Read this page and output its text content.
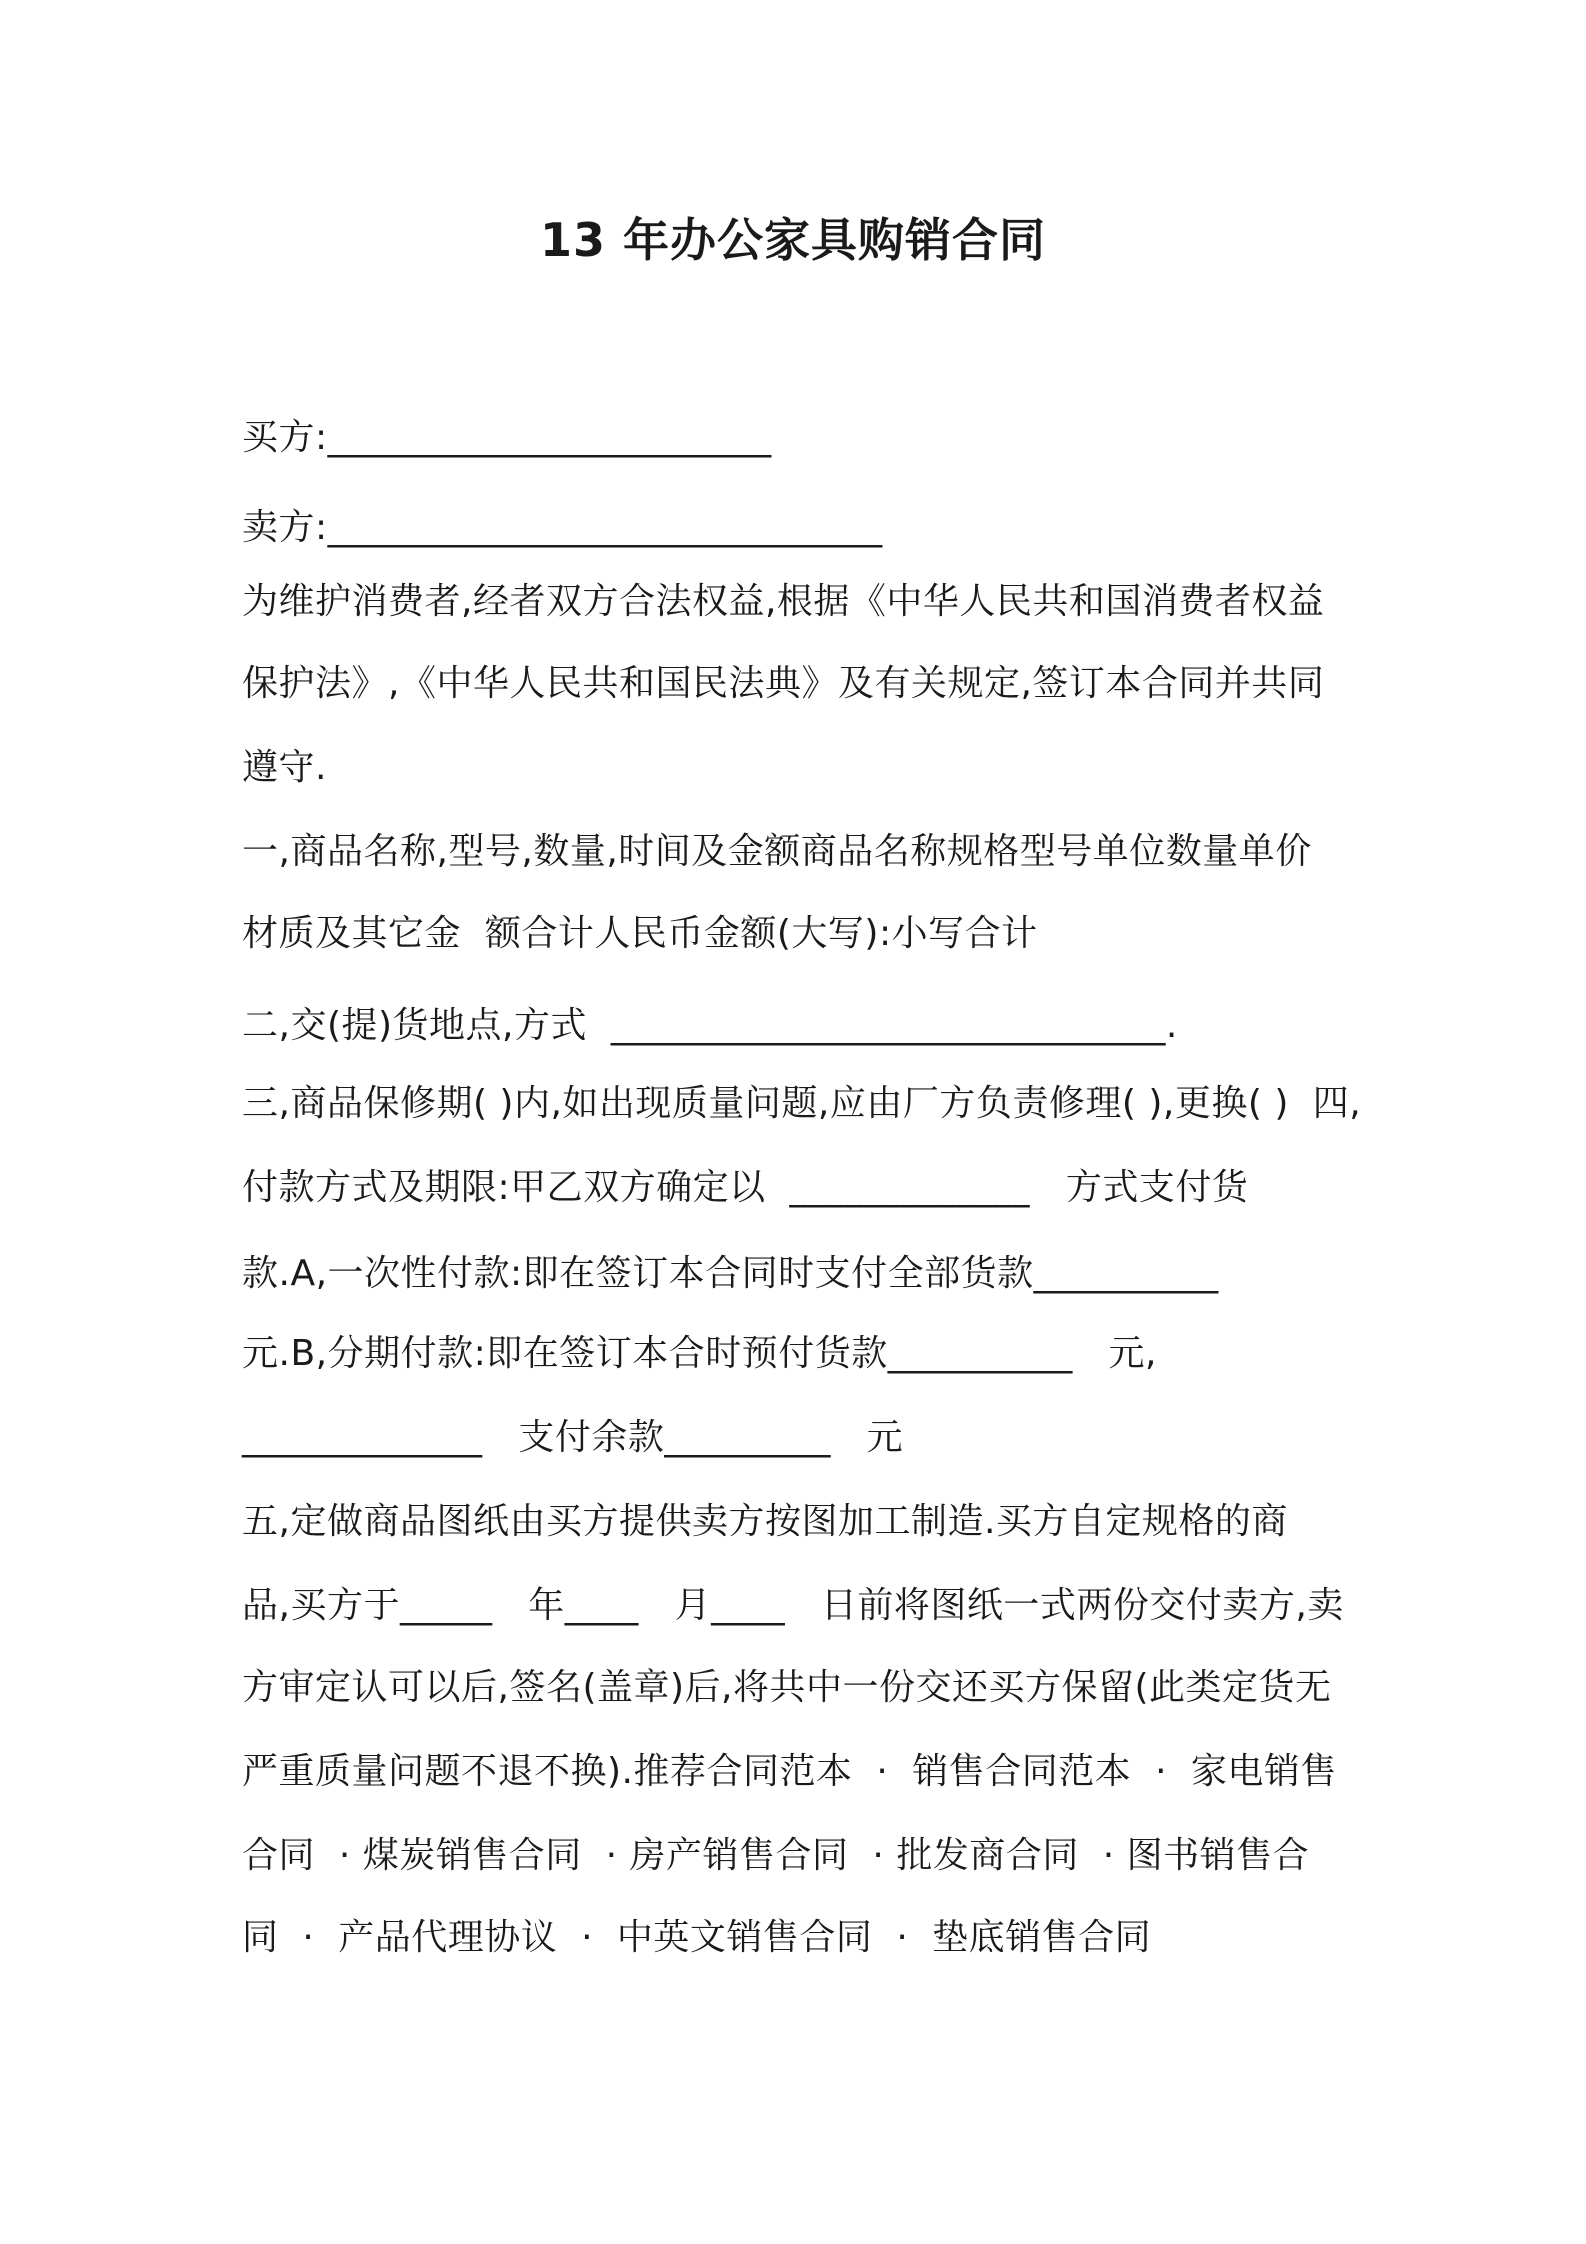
13 年办公家具购销合同
买方:________________________
卖方:______________________________
为维护消费者,经者双方合法权益,根据《中华人民共和国消费者权益
保护法》,《中华人民共和国民法典》及有关规定,签订本合同并共同
遵守.
一,商品名称,型号,数量,时间及金额商品名称规格型号单位数量单价
材质及其它金  额合计人民币金额(大写):小写合计
二,交(提)货地点,方式  ______________________________.
三,商品保修期( )内,如出现质量问题,应由厂方负责修理( ),更换( )  四,
付款方式及期限:甲乙双方确定以  _____________   方式支付货
款.A,一次性付款:即在签订本合同时支付全部货款__________
元.B,分期付款:即在签订本合时预付货款__________   元,
_____________   支付余款_________   元
五,定做商品图纸由买方提供卖方按图加工制造.买方自定规格的商
品,买方于_____   年____   月____   日前将图纸一式两份交付卖方,卖
方审定认可以后,签名(盖章)后,将共中一份交还买方保留(此类定货无
严重质量问题不退不换).推荐合同范本  ·  销售合同范本  ·  家电销售
合同  · 煤炭销售合同  · 房产销售合同  · 批发商合同  · 图书销售合
同  ·  产品代理协议  ·  中英文销售合同  ·  垫底销售合同
